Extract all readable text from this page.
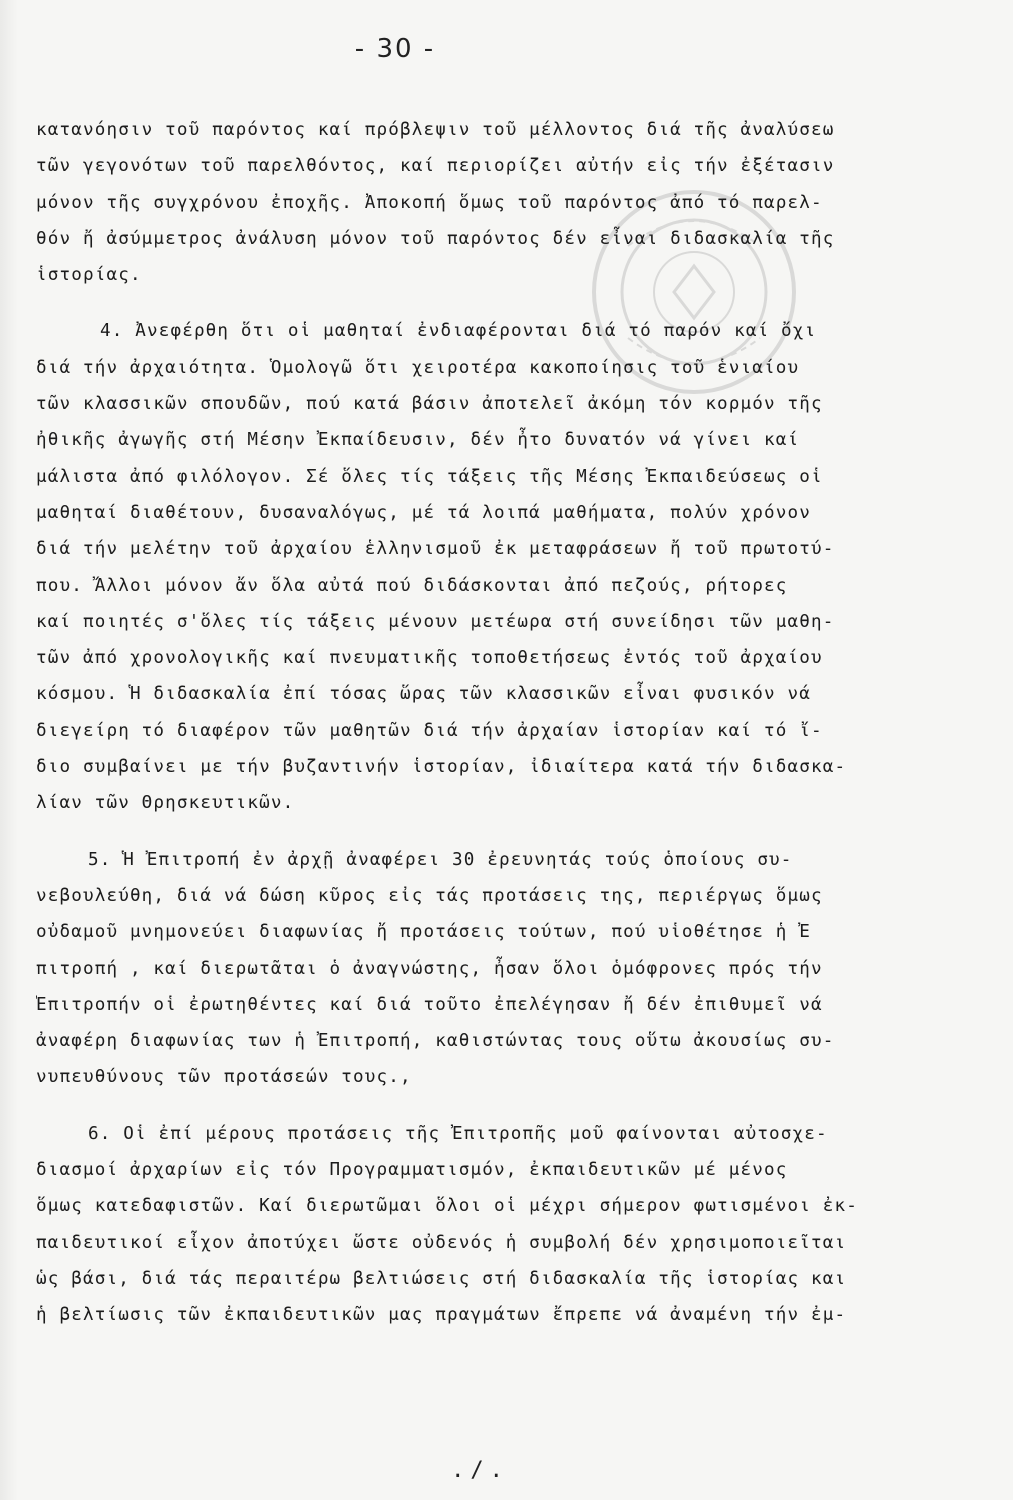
- 30 -
κατανόησιν τοῦ παρόντος καί πρόβλεψιν τοῦ μέλλοντος διά τῆς ἀναλύσεω
τῶν γεγονότων τοῦ παρελθόντος, καί περιορίζει αὐτήν εἰς τήν ἐξέτασιν
μόνον τῆς συγχρόνου ἐποχῆς. Ἀποκοπή ὅμως τοῦ παρόντος ἀπό τό παρελ-
θόν ἤ ἀσύμμετρος ἀνάλυση μόνον τοῦ παρόντος δέν εἶναι διδασκαλία τῆς
ἱστορίας.
4. Ἀνεφέρθη ὅτι οἱ μαθηταί ἐνδιαφέρονται διά τό παρόν καί ὄχι
διά τήν ἀρχαιότητα. Ὁμολογῶ ὅτι χειροτέρα κακοποίησις τοῦ ἑνιαίου
τῶν κλασσικῶν σπουδῶν, πού κατά βάσιν ἀποτελεῖ ἀκόμη τόν κορμόν τῆς
ἠθικῆς ἀγωγῆς στή Μέσην Ἐκπαίδευσιν, δέν ἦτο δυνατόν νά γίνει καί
μάλιστα ἀπό φιλόλογον. Σέ ὅλες τίς τάξεις τῆς Μέσης Ἐκπαιδεύσεως οἱ
μαθηταί διαθέτουν, δυσαναλόγως, μέ τά λοιπά μαθήματα, πολύν χρόνον
διά τήν μελέτην τοῦ ἀρχαίου ἑλληνισμοῦ ἐκ μεταφράσεων ἤ τοῦ πρωτοτύ-
που. Ἄλλοι μόνον ἄν ὅλα αὐτά πού διδάσκονται ἀπό πεζούς, ρήτορες
καί ποιητές σ'ὅλες τίς τάξεις μένουν μετέωρα στή συνείδησι τῶν μαθη-
τῶν ἀπό χρονολογικῆς καί πνευματικῆς τοποθετήσεως ἐντός τοῦ ἀρχαίου
κόσμου. Ἡ διδασκαλία ἐπί τόσας ὥρας τῶν κλασσικῶν εἶναι φυσικόν νά
διεγείρη τό διαφέρον τῶν μαθητῶν διά τήν ἀρχαίαν ἱστορίαν καί τό ἴ-
διο συμβαίνει με τήν βυζαντινήν ἱστορίαν, ἰδιαίτερα κατά τήν διδασκα-
λίαν τῶν Θρησκευτικῶν.
5. Ἡ Ἐπιτροπή ἐν ἀρχῇ ἀναφέρει 30 ἐρευνητάς τούς ὁποίους συ-
νεβουλεύθη, διά νά δώση κῦρος εἰς τάς προτάσεις της, περιέργως ὅμως
οὐδαμοῦ μνημονεύει διαφωνίας ἤ προτάσεις τούτων, πού υἱοθέτησε ἡ Ἐ
πιτροπή , καί διερωτᾶται ὁ ἀναγνώστης, ἦσαν ὅλοι ὁμόφρονες πρός τήν
Ἐπιτροπήν οἱ ἐρωτηθέντες καί διά τοῦτο ἐπελέγησαν ἤ δέν ἐπιθυμεῖ νά
ἀναφέρη διαφωνίας των ἡ Ἐπιτροπή, καθιστώντας τους οὕτω ἀκουσίως συ-
νυπευθύνους τῶν προτάσεών τους.,
6. Οἱ ἐπί μέρους προτάσεις τῆς Ἐπιτροπῆς μοῦ φαίνονται αὐτοσχε-
διασμοί ἀρχαρίων εἰς τόν Προγραμματισμόν, ἐκπαιδευτικῶν μέ μένος
ὅμως κατεδαφιστῶν. Καί διερωτῶμαι ὅλοι οἱ μέχρι σήμερον φωτισμένοι ἐκ-
παιδευτικοί εἶχον ἀποτύχει ὥστε οὐδενός ἡ συμβολή δέν χρησιμοποιεῖται
ὡς βάσι, διά τάς περαιτέρω βελτιώσεις στή διδασκαλία τῆς ἱστορίας και
ἡ βελτίωσις τῶν ἐκπαιδευτικῶν μας πραγμάτων ἔπρεπε νά ἀναμένη τήν ἐμ-
./.
